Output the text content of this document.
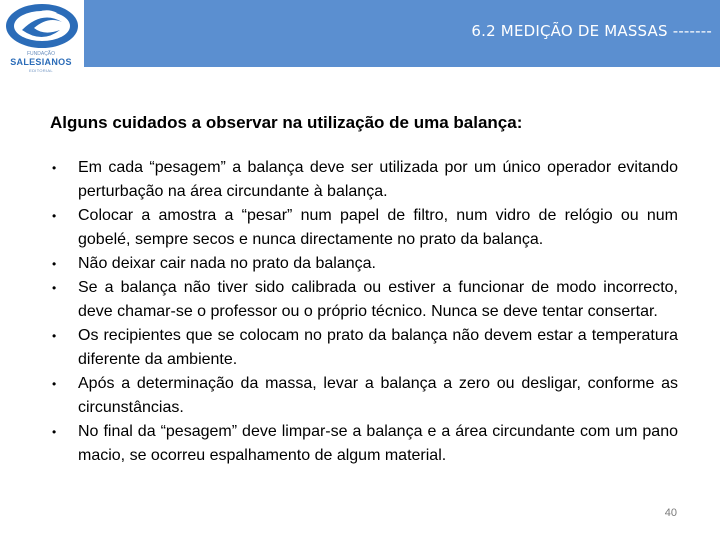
FUNDAÇÃO
SALESIANOS
EDITORIAL
6.2 MEDIÇÃO DE MASSAS -------
Alguns cuidados a observar na utilização de uma balança:
• Em cada “pesagem” a balança deve ser utilizada por um único operador evitando perturbação na área circundante à balança.
• Colocar a amostra a “pesar” num papel de filtro, num vidro de relógio ou num gobelé, sempre secos e nunca directamente no prato da balança.
• Não deixar cair nada no prato da balança.
• Se a balança não tiver sido calibrada ou estiver a funcionar de modo incorrecto, deve chamar-se o professor ou o próprio técnico. Nunca se deve tentar consertar.
• Os recipientes que se colocam no prato da balança não devem estar a temperatura diferente da ambiente.
• Após a determinação da massa, levar a balança a zero ou desligar, conforme as circunstâncias.
• No final da “pesagem” deve limpar-se a balança e a área circundante com um pano macio, se ocorreu espalhamento de algum material.
40
